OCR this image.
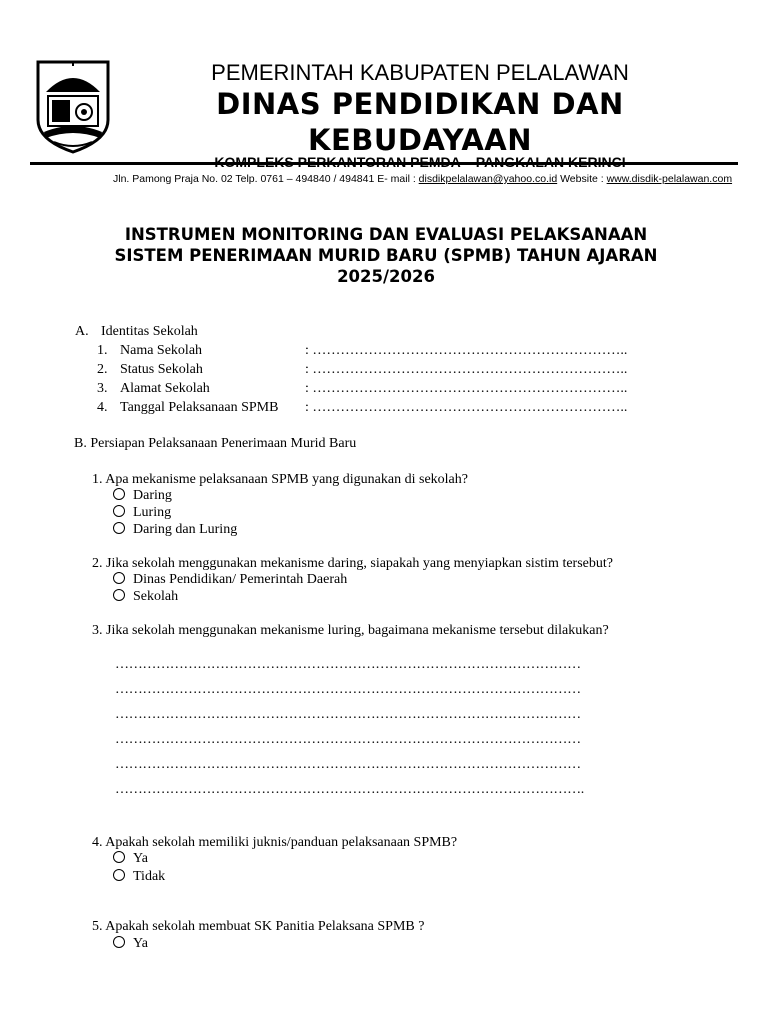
PEMERINTAH KABUPATEN PELALAWAN
DINAS PENDIDIKAN DAN
KEBUDAYAAN
Jln. Pamong Praja No. 02 Telp. 0761 – 494840 / 494841 E- mail : disdikpelalawan@yahoo.co.id Website : www.disdik-pelalawan.com
INSTRUMEN MONITORING DAN EVALUASI PELAKSANAAN
SISTEM PENERIMAAN MURID BARU (SPMB) TAHUN AJARAN
2025/2026
A. Identitas Sekolah
1. Nama Sekolah	: …………………………………………………………..
2. Status Sekolah	: …………………………………………………………..
3. Alamat Sekolah	: …………………………………………………………..
4. Tanggal Pelaksanaan SPMB : …………………………………………………………..
B. Persiapan Pelaksanaan Penerimaan Murid Baru
1. Apa mekanisme pelaksanaan SPMB yang digunakan di sekolah?
Daring
Luring
Daring dan Luring
2. Jika sekolah menggunakan mekanisme daring, siapakah yang menyiapkan sistim tersebut?
Dinas Pendidikan/ Pemerintah Daerah
Sekolah
3. Jika sekolah menggunakan mekanisme luring, bagaimana mekanisme tersebut dilakukan?
…………………………………………………………………………………………
…………………………………………………………………………………………
…………………………………………………………………………………………
…………………………………………………………………………………………
…………………………………………………………………………………………
………………………………………………………………………………………….
4. Apakah sekolah memiliki juknis/panduan pelaksanaan SPMB?
Ya
Tidak
5. Apakah sekolah membuat SK Panitia Pelaksana SPMB ?
Ya
